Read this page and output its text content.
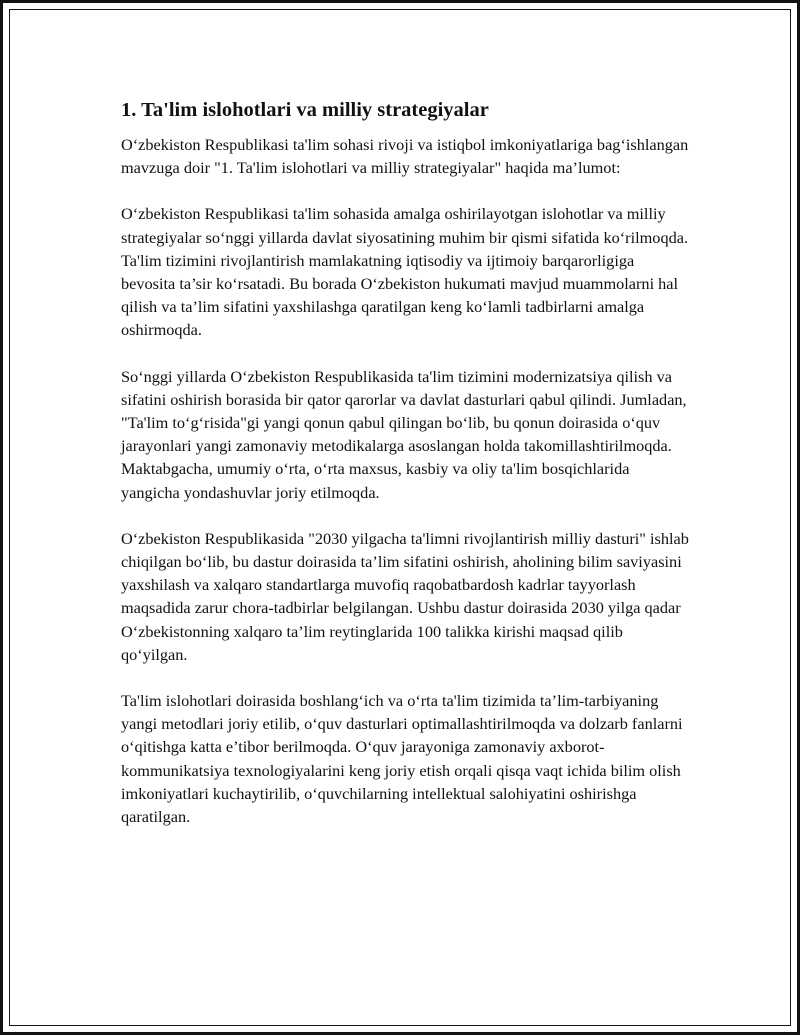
1. Ta'lim islohotlari va milliy strategiyalar

O‘zbekiston Respublikasi ta'lim sohasi rivoji va istiqbol imkoniyatlariga bag‘ishlangan mavzuga doir "1. Ta'lim islohotlari va milliy strategiyalar" haqida ma’lumot:

O‘zbekiston Respublikasi ta'lim sohasida amalga oshirilayotgan islohotlar va milliy strategiyalar so‘nggi yillarda davlat siyosatining muhim bir qismi sifatida ko‘rilmoqda. Ta'lim tizimini rivojlantirish mamlakatning iqtisodiy va ijtimoiy barqarorligiga bevosita ta’sir ko‘rsatadi. Bu borada O‘zbekiston hukumati mavjud muammolarni hal qilish va ta’lim sifatini yaxshilashga qaratilgan keng ko‘lamli tadbirlarni amalga oshirmoqda.

So‘nggi yillarda O‘zbekiston Respublikasida ta'lim tizimini modernizatsiya qilish va sifatini oshirish borasida bir qator qarorlar va davlat dasturlari qabul qilindi. Jumladan, "Ta'lim to‘g‘risida"gi yangi qonun qabul qilingan bo‘lib, bu qonun doirasida o‘quv jarayonlari yangi zamonaviy metodikalarga asoslangan holda takomillashtirilmoqda. Maktabgacha, umumiy o‘rta, o‘rta maxsus, kasbiy va oliy ta'lim bosqichlarida yangicha yondashuvlar joriy etilmoqda.

O‘zbekiston Respublikasida "2030 yilgacha ta'limni rivojlantirish milliy dasturi" ishlab chiqilgan bo‘lib, bu dastur doirasida ta’lim sifatini oshirish, aholining bilim saviyasini yaxshilash va xalqaro standartlarga muvofiq raqobatbardosh kadrlar tayyorlash maqsadida zarur chora-tadbirlar belgilangan. Ushbu dastur doirasida 2030 yilga qadar O‘zbekistonning xalqaro ta’lim reytinglarida 100 talikka kirishi maqsad qilib qo‘yilgan.

Ta'lim islohotlari doirasida boshlang‘ich va o‘rta ta'lim tizimida ta’lim-tarbiyaning yangi metodlari joriy etilib, o‘quv dasturlari optimallashtirilmoqda va dolzarb fanlarni o‘qitishga katta e’tibor berilmoqda. O‘quv jarayoniga zamonaviy axborot-kommunikatsiya texnologiyalarini keng joriy etish orqali qisqa vaqt ichida bilim olish imkoniyatlari kuchaytirilib, o‘quvchilarning intellektual salohiyatini oshirishga qaratilgan.
